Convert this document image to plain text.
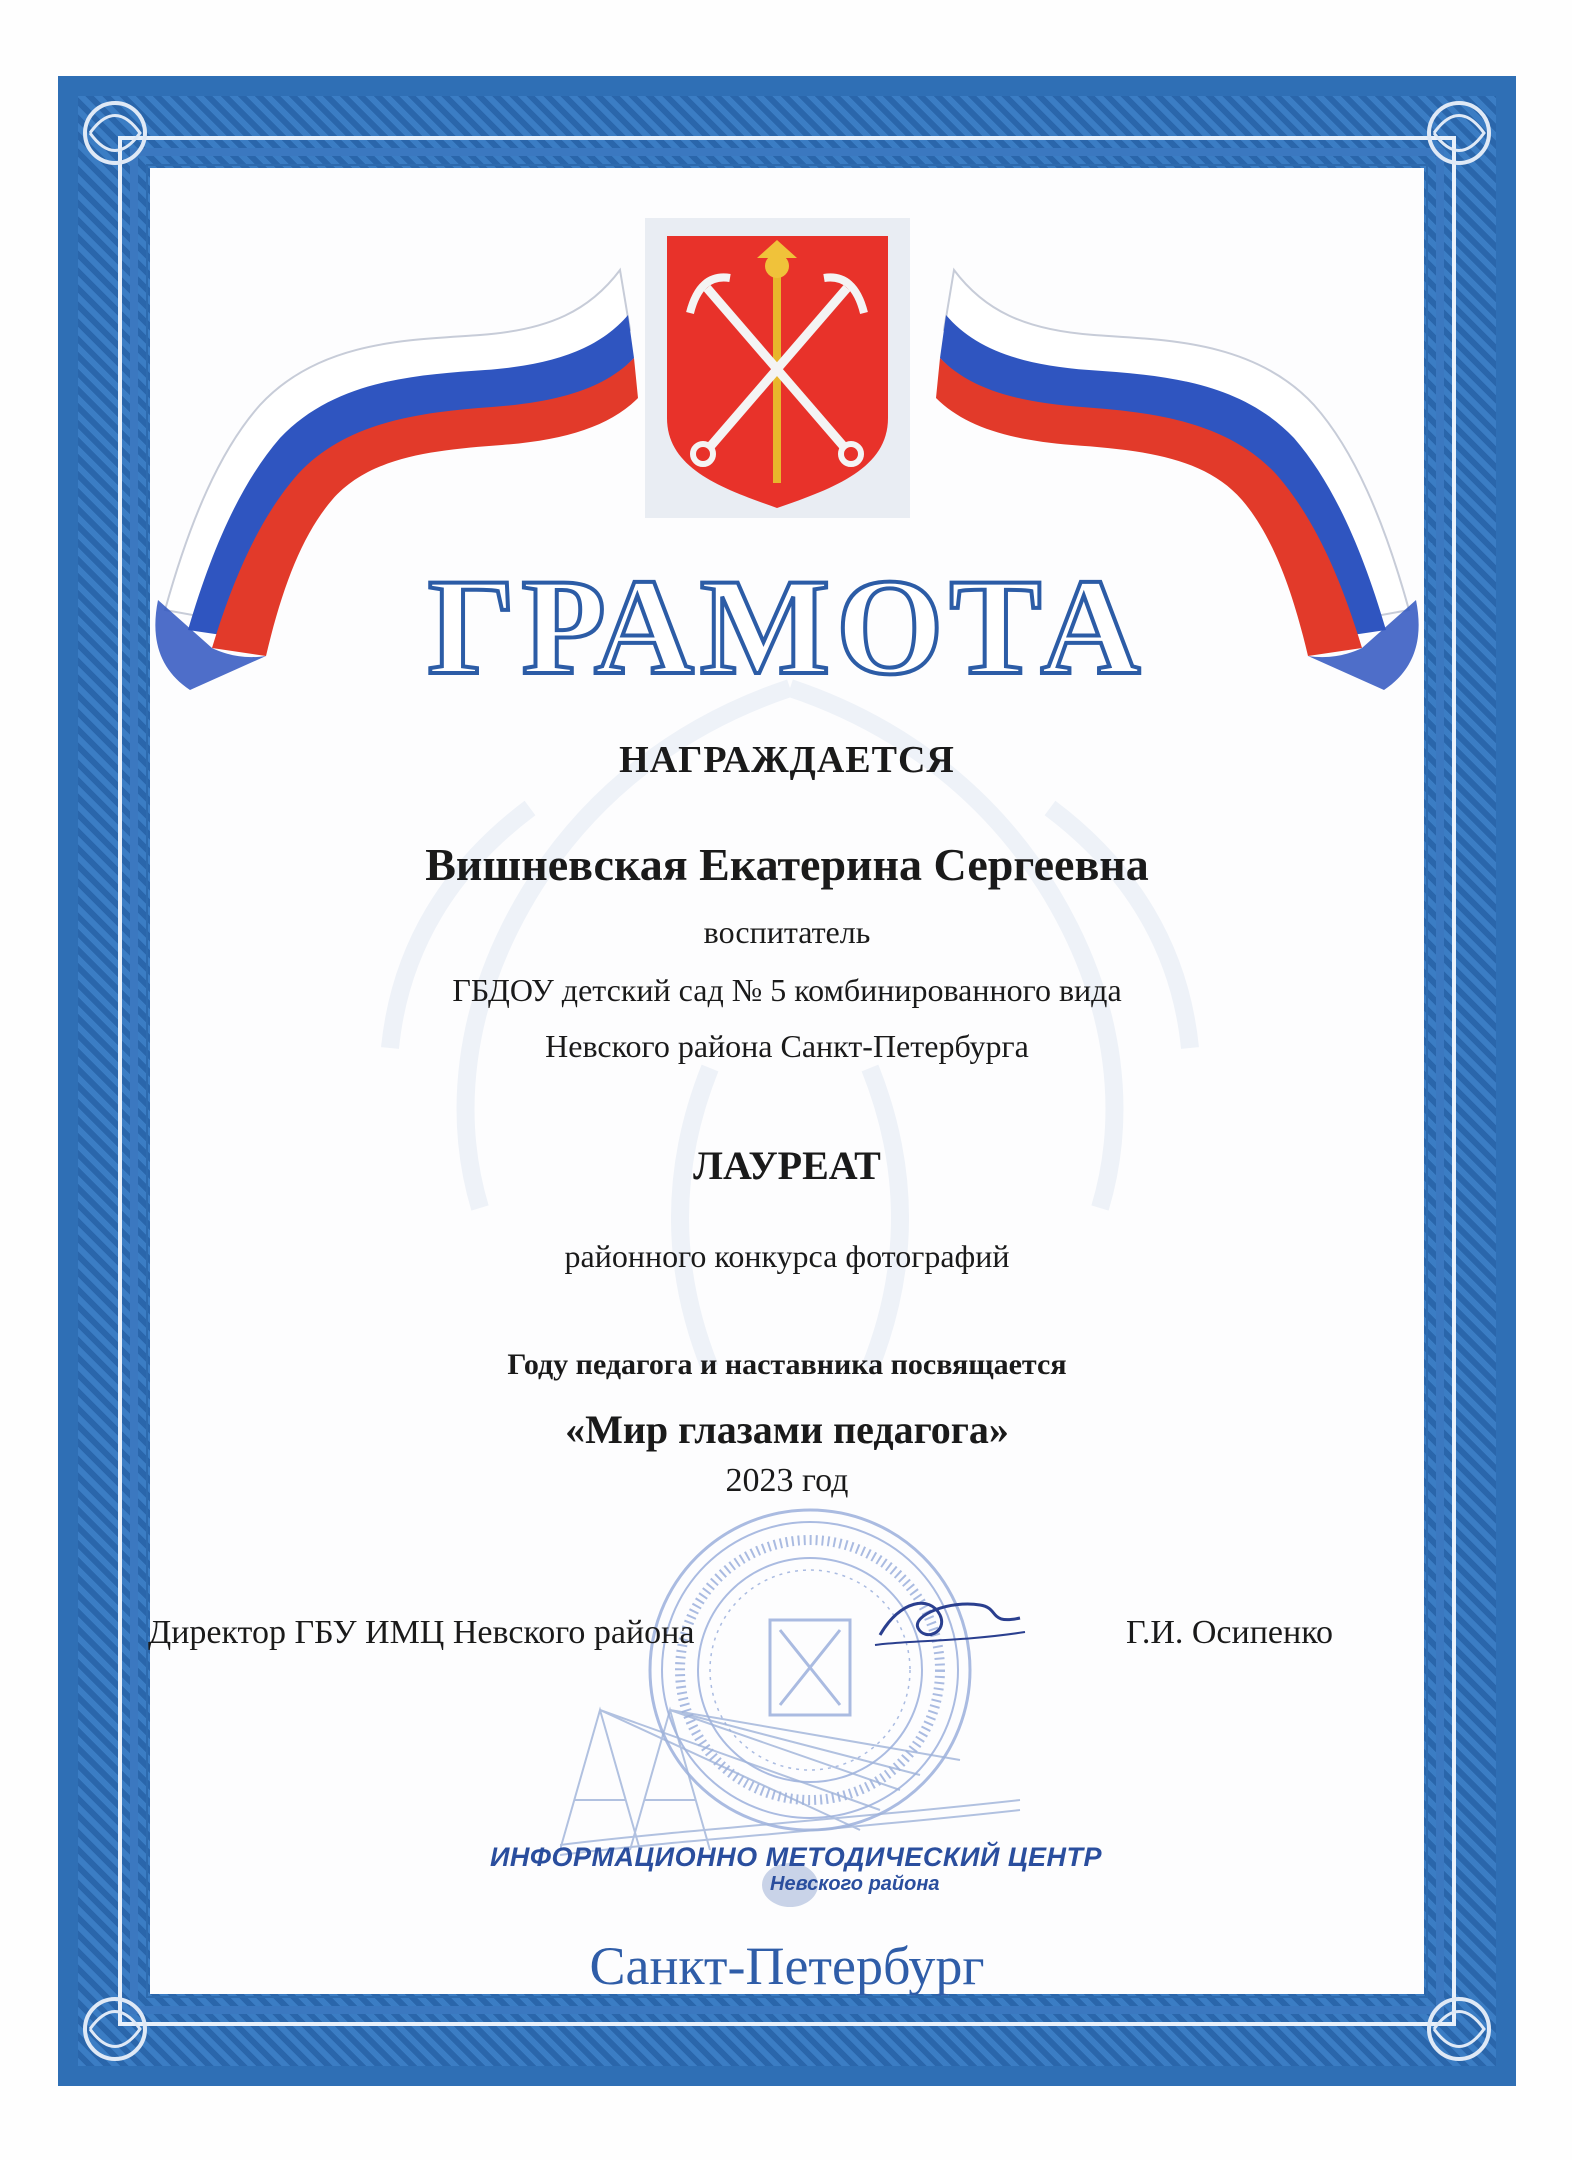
ГРАМОТА
НАГРАЖДАЕТСЯ
Вишневская Екатерина Сергеевна
воспитатель
ГБДОУ детский сад № 5 комбинированного вида
Невского района Санкт-Петербурга
ЛАУРЕАТ
районного конкурса фотографий
Году педагога и наставника посвящается
«Мир глазами педагога»
2023 год
Директор ГБУ ИМЦ Невского района	Г.И. Осипенко
ИНФОРМАЦИОННО МЕТОДИЧЕСКИЙ ЦЕНТР
Невского района
Санкт-Петербург
